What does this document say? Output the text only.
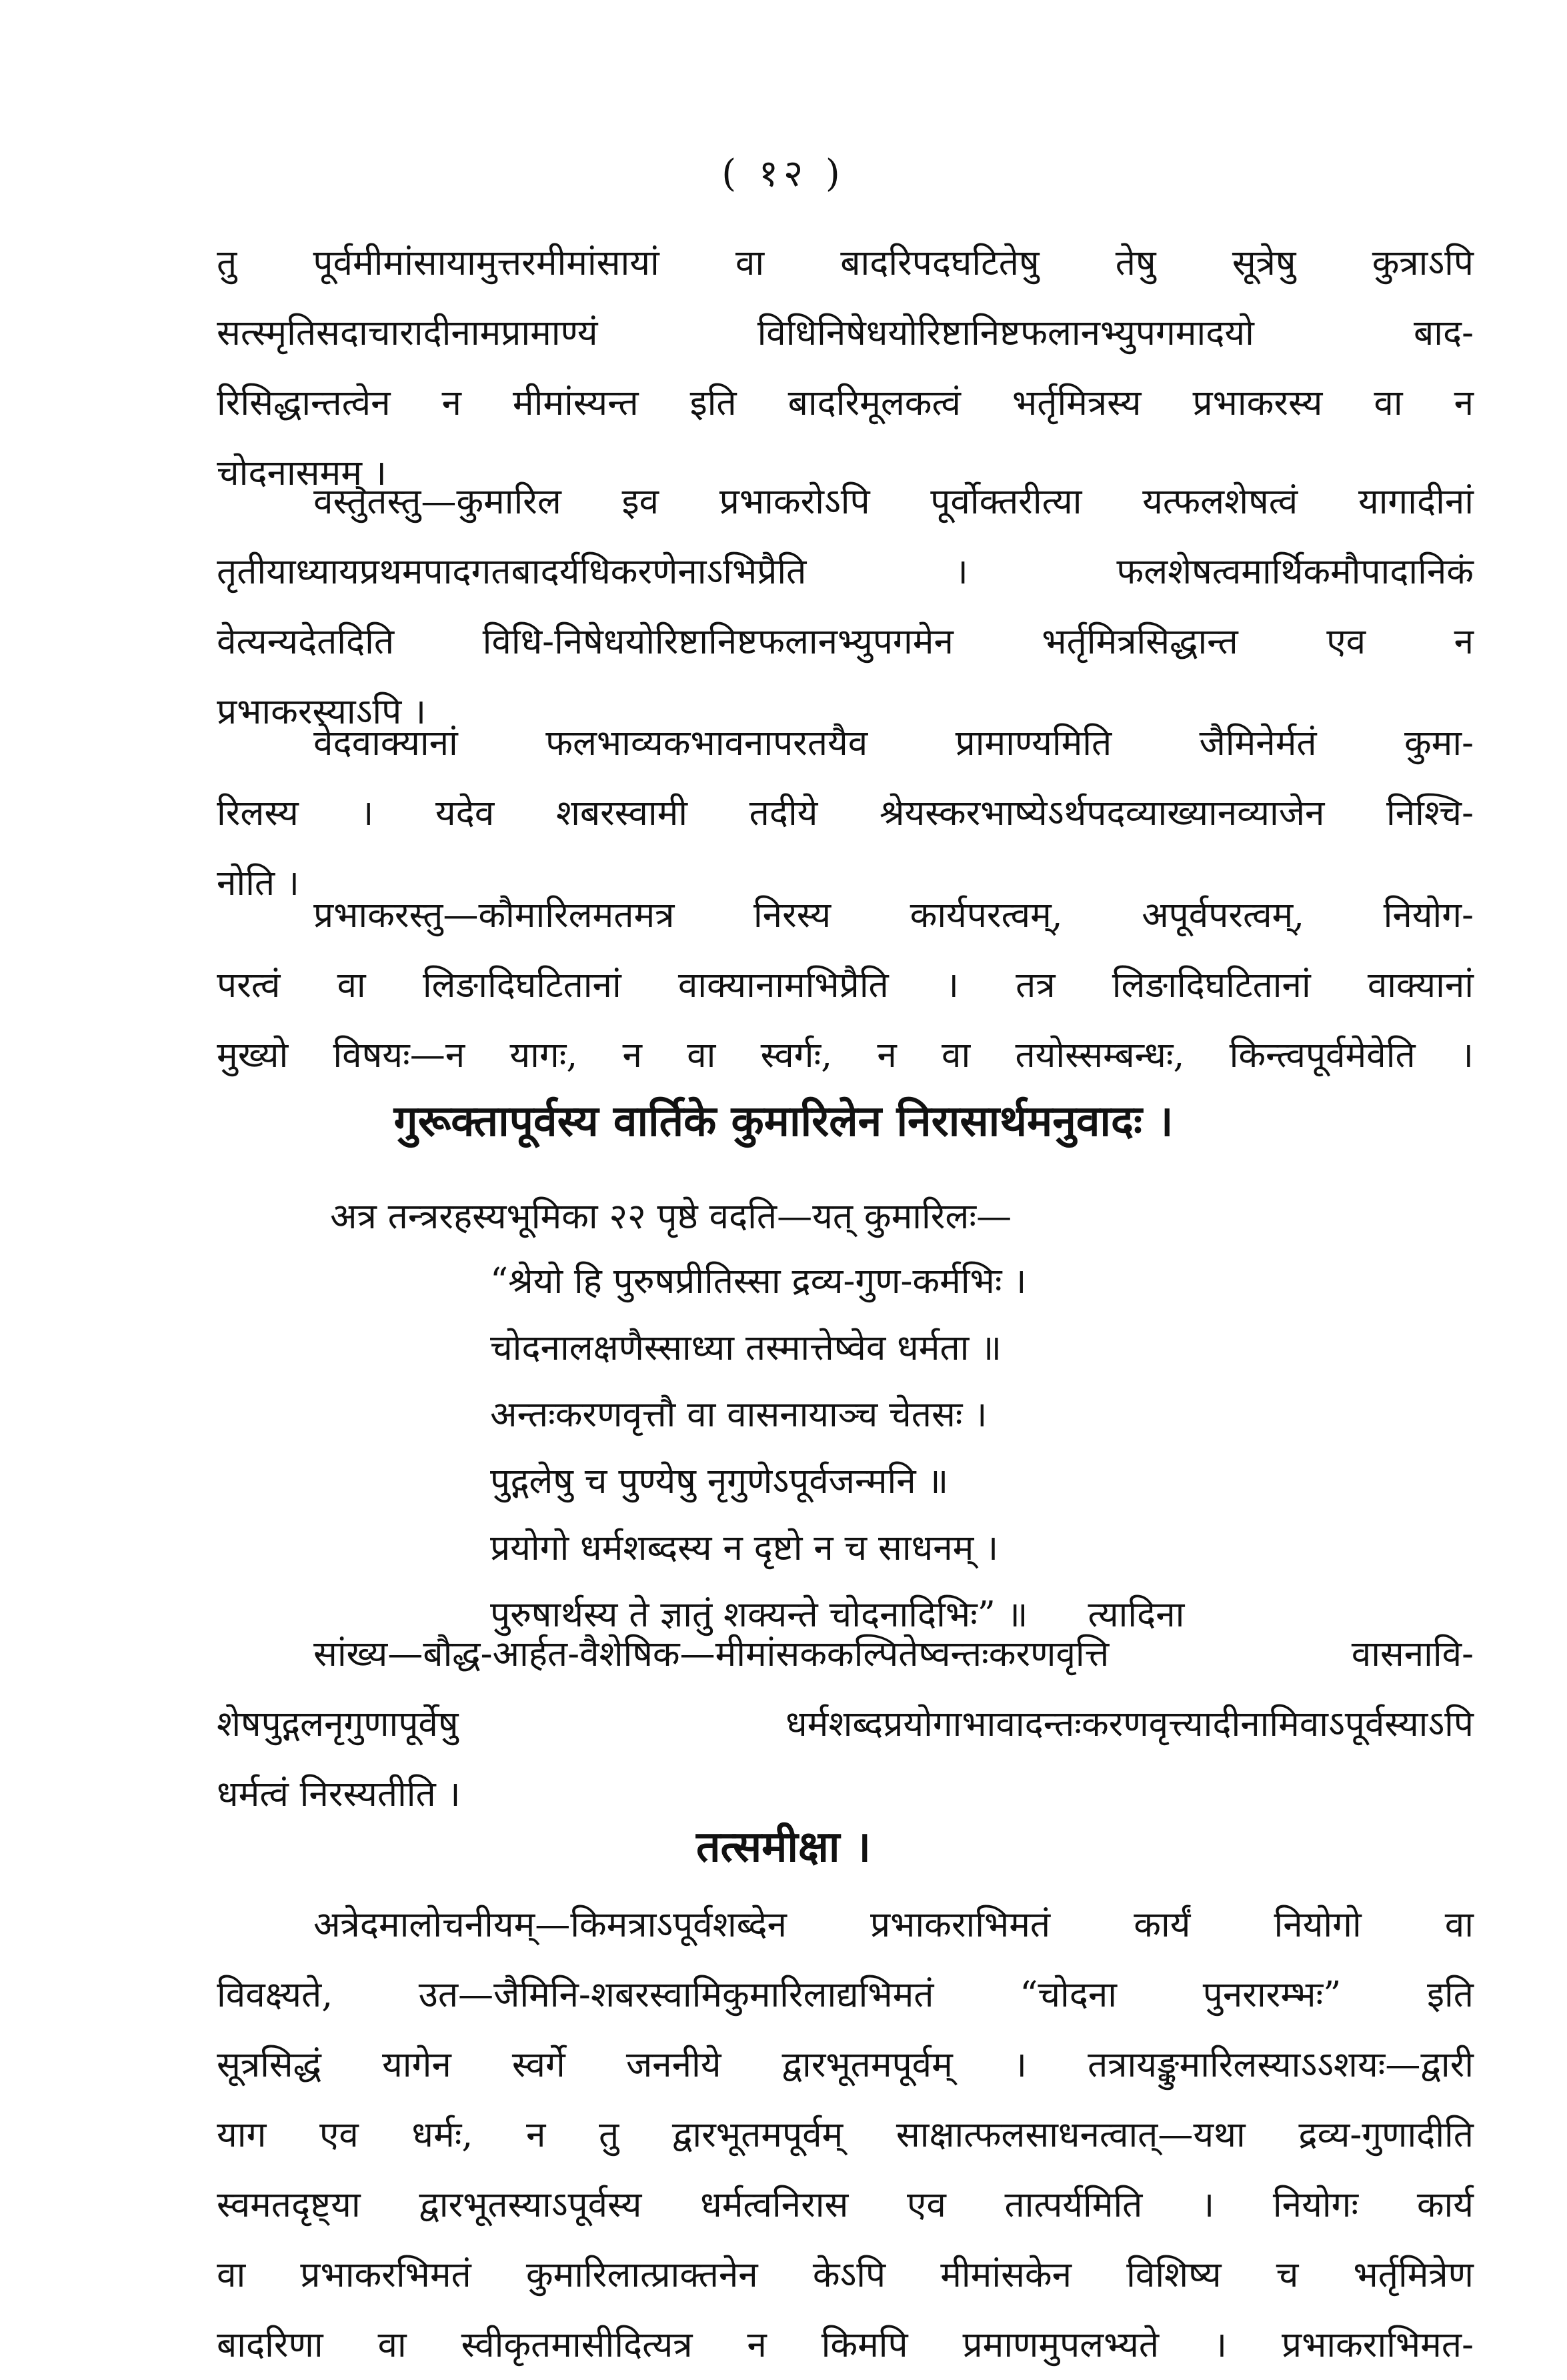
( १२ )
तु पूर्वमीमांसायामुत्तरमीमांसायां वा बादरिपदघटितेषु तेषु सूत्रेषु कुत्राऽपि
सत्स्मृतिसदाचारादीनामप्रामाण्यं विधिनिषेधयोरिष्टानिष्टफलानभ्युपगमादयो बाद-
रिसिद्धान्तत्वेन न मीमांस्यन्त इति बादरिमूलकत्वं भर्तृमित्रस्य प्रभाकरस्य वा न
चोदनासमम् ।
वस्तुतस्तु—कुमारिल इव प्रभाकरोऽपि पूर्वोक्तरीत्या यत्फलशेषत्वं यागादीनां
तृतीयाध्यायप्रथमपादगतबादर्यधिकरणेनाऽभिप्रैति । फलशेषत्वमार्थिकमौपादानिकं
वेत्यन्यदेतदिति विधि-निषेधयोरिष्टानिष्टफलानभ्युपगमेन भर्तृमित्रसिद्धान्त एव न
प्रभाकरस्याऽपि ।
वेदवाक्यानां फलभाव्यकभावनापरतयैव प्रामाण्यमिति जैमिनेर्मतं कुमा-
रिलस्य । यदेव शबरस्वामी तदीये श्रेयस्करभाष्येऽर्थपदव्याख्यानव्याजेन निश्चि-
नोति ।
प्रभाकरस्तु—कौमारिलमतमत्र निरस्य कार्यपरत्वम्, अपूर्वपरत्वम्, नियोग-
परत्वं वा लिङादिघटितानां वाक्यानामभिप्रैति । तत्र लिङादिघटितानां वाक्यानां
मुख्यो विषयः—न यागः, न वा स्वर्गः, न वा तयोस्सम्बन्धः, किन्त्वपूर्वमेवेति ।
गुरूक्तापूर्वस्य वार्तिके कुमारिलेन निरासार्थमनुवादः ।
अत्र तन्त्ररहस्यभूमिका २२ पृष्ठे वदति—यत् कुमारिलः—
“श्रेयो हि पुरुषप्रीतिस्सा द्रव्य-गुण-कर्मभिः ।
चोदनालक्षणैस्साध्या तस्मात्तेष्वेव धर्मता ॥
अन्तःकरणवृत्तौ वा वासनायाञ्च चेतसः ।
पुद्गलेषु च पुण्येषु नृगुणेऽपूर्वजन्मनि ॥
प्रयोगो धर्मशब्दस्य न दृष्टो न च साधनम् ।
पुरुषार्थस्य ते ज्ञातुं शक्यन्ते चोदनादिभिः” ॥ त्यादिना
सांख्य—बौद्ध-आर्हत-वैशेषिक—मीमांसककल्पितेष्वन्तःकरणवृत्ति वासनावि-
शेषपुद्गलनृगुणापूर्वेषु धर्मशब्दप्रयोगाभावादन्तःकरणवृत्त्यादीनामिवाऽपूर्वस्याऽपि
धर्मत्वं निरस्यतीति ।
तत्समीक्षा ।
अत्रेदमालोचनीयम्—किमत्राऽपूर्वशब्देन प्रभाकराभिमतं कार्यं नियोगो वा
विवक्ष्यते, उत—जैमिनि-शबरस्वामिकुमारिलाद्यभिमतं “चोदना पुनरारम्भः” इति
सूत्रसिद्धं यागेन स्वर्गे जननीये द्वारभूतमपूर्वम् । तत्रायङ्कुमारिलस्याऽऽशयः—द्वारी
याग एव धर्मः, न तु द्वारभूतमपूर्वम् साक्षात्फलसाधनत्वात्—यथा द्रव्य-गुणादीति
स्वमतदृष्ट्या द्वारभूतस्याऽपूर्वस्य धर्मत्वनिरास एव तात्पर्यमिति । नियोगः कार्य
वा प्रभाकरभिमतं कुमारिलात्प्राक्तनेन केऽपि मीमांसकेन विशिष्य च भर्तृमित्रेण
बादरिणा वा स्वीकृतमासीदित्यत्र न किमपि प्रमाणमुपलभ्यते । प्रभाकराभिमत-
